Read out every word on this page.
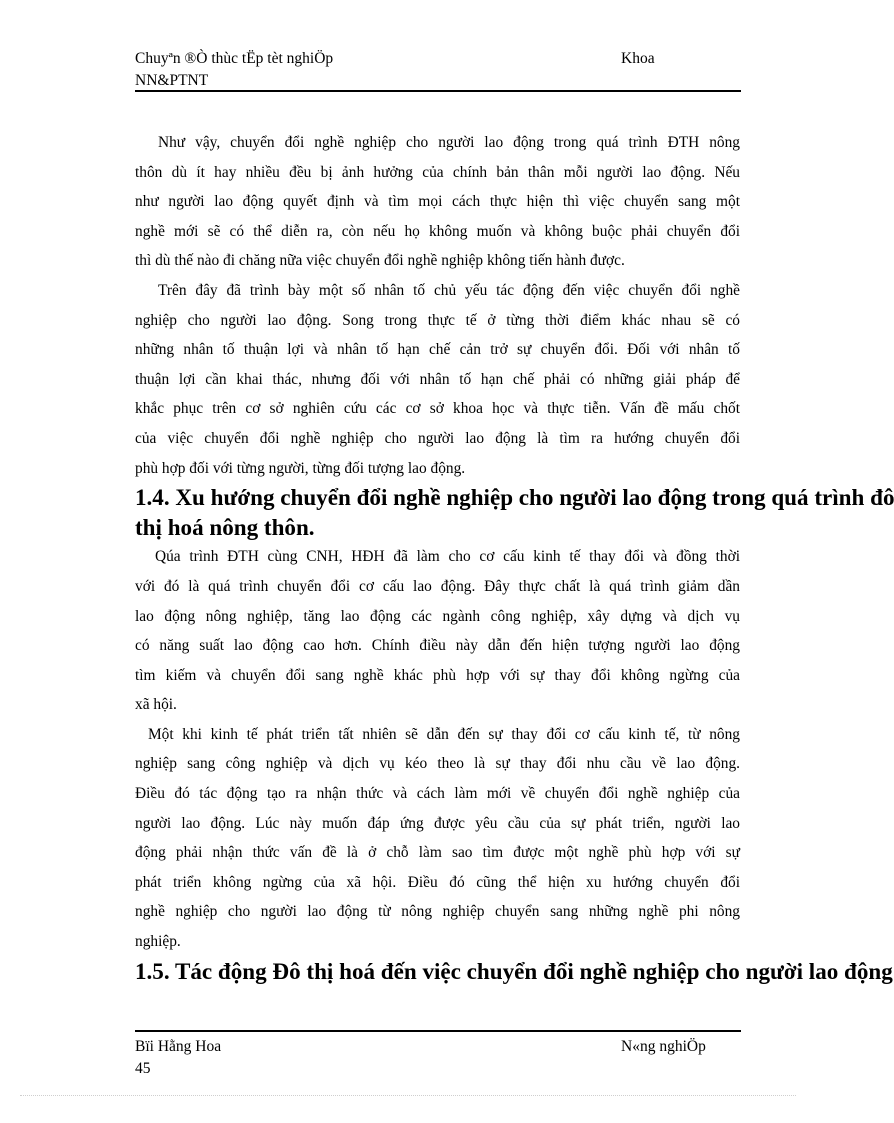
Chuyªn ®Ò thùc tËp tèt nghiÖp	Khoa
NN&PTNT

Như vậy, chuyển đổi nghề nghiệp cho người lao động trong quá trình ĐTH nông
thôn dù ít hay nhiều đều bị ảnh hưởng của chính bản thân mỗi người lao động. Nếu
như người lao động quyết định và tìm mọi cách thực hiện thì việc chuyển sang một
nghề mới sẽ có thể diễn ra, còn nếu họ không muốn và không buộc phải chuyển đổi
thì dù thế nào đi chăng nữa việc chuyển đổi nghề nghiệp không tiến hành được.

Trên đây đã trình bày một số nhân tố chủ yếu tác động đến việc chuyển đổi nghề
nghiệp cho người lao động. Song trong thực tế ở từng thời điểm khác nhau sẽ có
những nhân tố thuận lợi và nhân tố hạn chế cản trở sự chuyển đổi. Đối với nhân tố
thuận lợi cần khai thác, nhưng đối với nhân tố hạn chế phải có những giải pháp để
khắc phục trên cơ sở nghiên cứu các cơ sở khoa học và thực tiễn. Vấn đề mấu chốt
của việc chuyển đổi nghề nghiệp cho người lao động là tìm ra hướng chuyển đổi
phù hợp đối với từng người, từng đối tượng lao động.

1.4. Xu hướng chuyển đổi nghề nghiệp cho người lao động trong quá trình đô
thị hoá nông thôn.

Qúa trình ĐTH cùng CNH, HĐH đã làm cho cơ cấu kinh tế thay đổi và đồng thời
với đó là quá trình chuyển đổi cơ cấu lao động. Đây thực chất là quá trình giảm dần
lao động nông nghiệp, tăng lao động các ngành công nghiệp, xây dựng và dịch vụ
có năng suất lao động cao hơn. Chính điều này dẫn đến hiện tượng người lao động
tìm kiếm và chuyển đổi sang nghề khác phù hợp với sự thay đổi không ngừng của
xã hội.

Một khi kinh tế phát triển tất nhiên sẽ dẫn đến sự thay đổi cơ cấu kinh tế, từ nông
nghiệp sang công nghiệp và dịch vụ kéo theo là sự thay đổi nhu cầu về lao động.
Điều đó tác động tạo ra nhận thức và cách làm mới về chuyển đổi nghề nghiệp của
người lao động. Lúc này muốn đáp ứng được yêu cầu của sự phát triển, người lao
động phải nhận thức vấn đề là ở chỗ làm sao tìm được một nghề phù hợp với sự
phát triển không ngừng của xã hội. Điều đó cũng thể hiện xu hướng chuyển đổi
nghề nghiệp cho người lao động từ nông nghiệp chuyển sang những nghề phi nông
nghiệp.

1.5. Tác động Đô thị hoá đến việc chuyển đổi nghề nghiệp cho người lao động
Bïi Hằng Hoa	N«ng nghiÖp
45
